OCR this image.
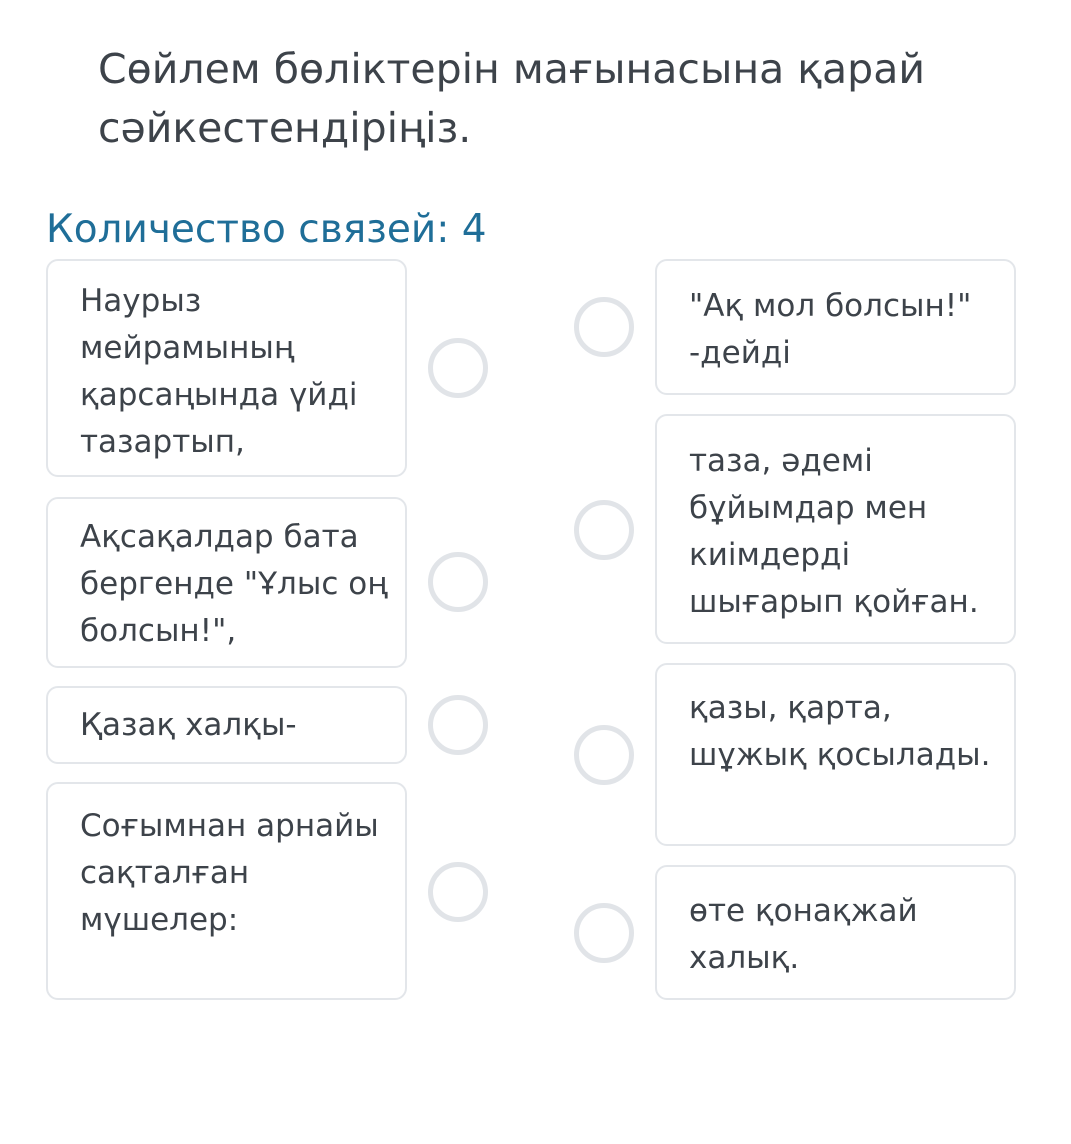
Сөйлем бөліктерін мағынасына қарай сәйкестендіріңіз.
Количество связей: 4
Наурыз мейрамының қарсаңында үйді тазартып,
Ақсақалдар бата бергенде "Ұлыс оң болсын!",
Қазақ халқы-
Соғымнан арнайы сақталған мүшелер:
"Ақ мол болсын!" -дейді
таза, әдемі бұйымдар мен киімдерді шығарып қойған.
қазы, қарта, шұжық қосылады.
өте қонақжай халық.
